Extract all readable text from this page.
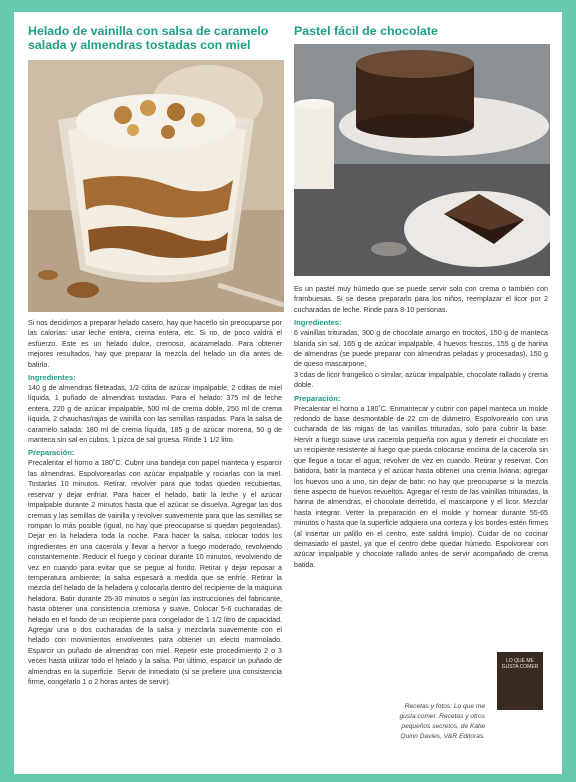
Helado de vainilla con salsa de caramelo salada y almendras tostadas con miel

Si nos decidimos a preparar helado casero, hay que hacerlo sin preocuparse por las calorías: usar leche entera, crema entera, etc. Si no, de poco valdrá el esfuerzo. Este es un helado dulce, cremoso, acaramelado. Para obtener mejores resultados, hay que preparar la mezcla del helado un día antes de batirlo.

Ingredientes:

140 g de almendras fileteadas, 1/2 cdita de azúcar impalpable, 2 cditas de miel líquida, 1 puñado de almendras tostadas. Para el helado: 375 ml de leche entera, 220 g de azúcar impalpable, 500 ml de crema doble, 250 ml de crema líquida, 2 chauchas/rajas de vainilla con las semillas raspadas. Para la salsa de caramelo salada: 180 ml de crema líquida, 185 g de azúcar morena, 50 g de manteca sin sal en cubos, 1 pizca de sal gruesa. Rinde 1 1/2 litro.

Preparación:

Precalentar el horno a 180˚C. Cubrir una bandeja con papel manteca y esparcir las almendras. Espolvorearlas con azúcar impalpable y rociarlas con la miel. Tostarlas 10 minutos. Retirar, revolver para que todas queden recubiertas, reservar y dejar enfriar. Para hacer el helado, batir la leche y el azúcar impalpable durante 2 minutos hasta que el azúcar se disuelva. Agregar las dos cremas y las semillas de vainilla y revolver suavemente para que las semillas se rompan lo más posible (igual, no hay que preocuparse si quedan pegoteadas). Dejar en la heladera toda la noche. Para hacer la salsa, colocar todos los ingredientes en una cacerola y llevar a hervor a fuego moderado, revolviendo constantemente. Reducir el fuego y cocinar durante 10 minutos, revolviendo de vez en cuando para evitar que se pegue al fondo. Retirar y dejar reposar a temperatura ambiente; la salsa espesará a medida que se enfríe. Retirar la mezcla del helado de la heladera y colocarla dentro del recipiente de la máquina heladora. Batir durante 25-30 minutos o según las instrucciones del fabricante, hasta obtener una consistencia cremosa y suave. Colocar 5-6 cucharadas de helado en el fondo de un recipiente para congelador de 1 1/2 litro de capacidad. Agregar una o dos cucharadas de la salsa y mezclarla suavemente con el helado con movimientos envolventes para obtener un efecto marmolado. Esparcir un puñado de almendras con miel. Repetir este procedimiento 2 o 3 veces hasta utilizar todo el helado y la salsa. Por último, esparcir un puñado de almendras en la superficie. Servir de inmediato (si se prefiere una consistencia firme, congelarlo 1 o 2 horas antes de servir).

Pastel fácil de chocolate

Es un pastel muy húmedo que se puede servir solo con crema o también con frambuesas. Si se desea prepararlo para los niños, reemplazar el licor por 2 cucharadas de leche. Rinde para 8-10 personas.

Ingredientes:

6 vainillas trituradas, 300 g de chocolate amargo en trocitos, 150 g de manteca blanda sin sal, 165 g de azúcar impalpable, 4 huevos frescos, 155 g de harina de almendras (se puede preparar con almendras peladas y procesadas), 150 g de queso mascarpone,

3 cdas de licor frangelico o similar, azúcar impalpable, chocolate rallado y crema doble.

Preparación:

Precalentar el horno a 180˚C. Enmantecar y cubrir con papel manteca un molde redondo de base desmontable de 22 cm de diámetro. Espolvorearlo con una cucharada de las migas de las vainillas trituradas, solo para cubrir la base. Hervir a fuego suave una cacerola pequeña con agua y derretir el chocolate en un recipiente resistente al fuego que pueda colocarse encima de la cacerola sin que llegue a tocar el agua; revolver de vez en cuando. Retirar y reservar. Con batidora, batir la manteca y el azúcar hasta obtener una crema liviana; agregar los huevos uno a uno, sin dejar de batir: no hay que preocuparse si la mezcla tiene aspecto de huevos revueltos. Agregar el resto de las vainillas trituradas, la harina de almendras, el chocolate derretido, el mascarpone y el licor. Mezclar hasta integrar. Verter la preparación en el molde y hornear durante 55-65 minutos o hasta que la superficie adquiera una corteza y los bordes estén firmes (al insertar un palillo en el centro, este saldrá limpio). Cuidar de no cocinar demasiado el pastel, ya que el centro debe quedar húmedo. Espolvorear con azúcar impalpable y chocolate rallado antes de servir acompañado de crema batida.

Recetas y fotos: Lo que me gusta comer. Recetas y otros pequeños secretos, de Katie Quinn Davies, V&R Editoras.
LO QUE ME GUSTA COMER
